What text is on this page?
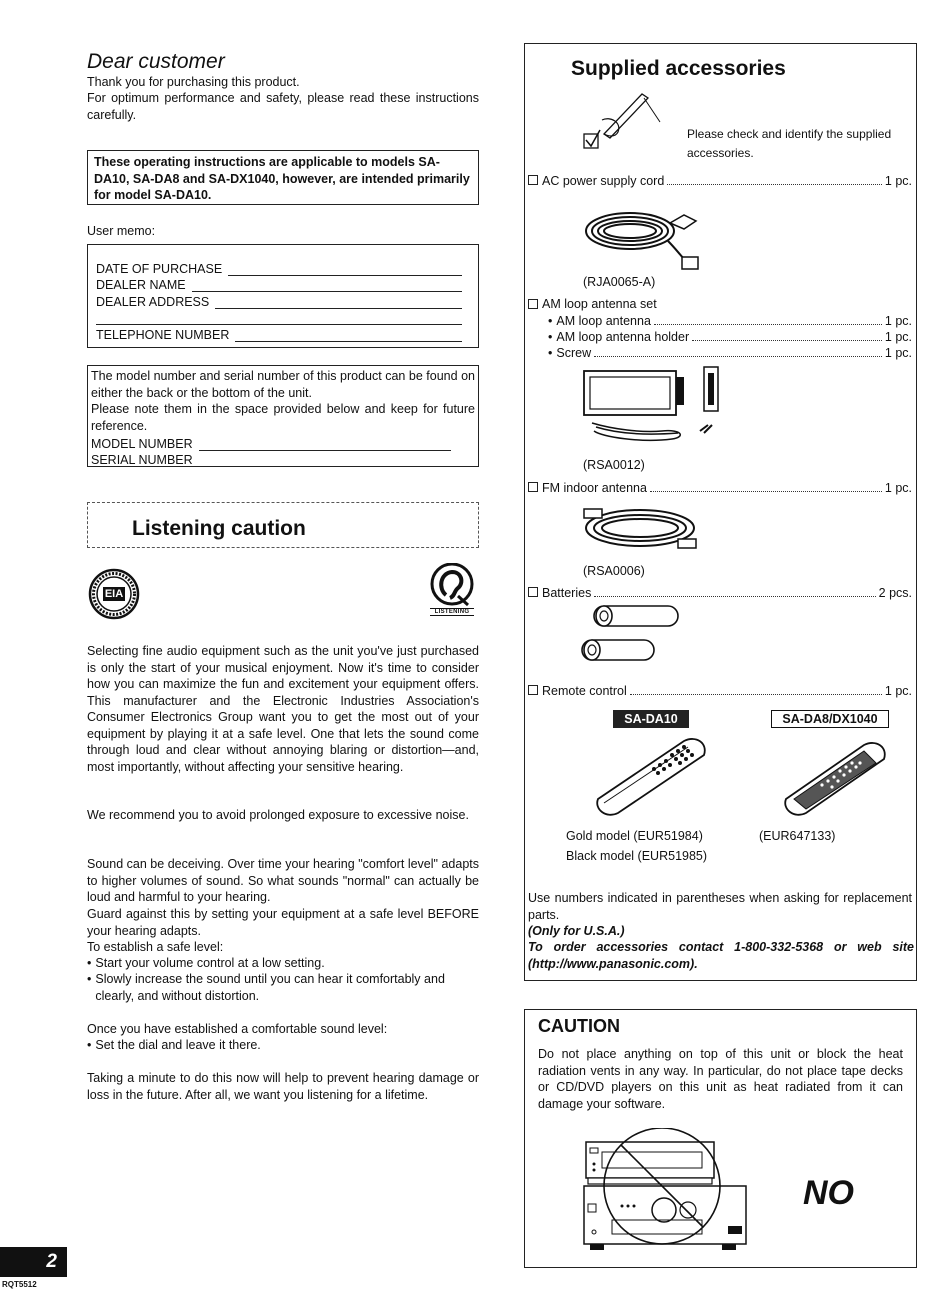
Dear customer
Thank you for purchasing this product.
For optimum performance and safety, please read these instructions carefully.
These operating instructions are applicable to models SA-DA10, SA-DA8 and SA-DX1040, however, are intended primarily for model SA-DA10.
User memo:
DATE OF PURCHASE
DEALER NAME
DEALER ADDRESS
TELEPHONE NUMBER
The model number and serial number of this product can be found on either the back or the bottom of the unit.
Please note them in the space provided below and keep for future reference.
MODEL NUMBER
SERIAL NUMBER
Listening caution
EIA
LISTENING
Selecting fine audio equipment such as the unit you've just purchased is only the start of your musical enjoyment. Now it's time to consider how you can maximize the fun and excitement your equipment offers. This manufacturer and the Electronic Industries Association's Consumer Electronics Group want you to get the most out of your equipment by playing it at a safe level. One that lets the sound come through loud and clear without annoying blaring or distortion—and, most importantly, without affecting your sensitive hearing.
We recommend you to avoid prolonged exposure to excessive noise.
Sound can be deceiving. Over time your hearing "comfort level" adapts to higher volumes of sound. So what sounds "normal" can actually be loud and harmful to your hearing.
Guard against this by setting your equipment at a safe level BEFORE your hearing adapts.
To establish a safe level:
• Start your volume control at a low setting.
• Slowly increase the sound until you can hear it comfortably and clearly, and without distortion.
Once you have established a comfortable sound level:
• Set the dial and leave it there.
Taking a minute to do this now will help to prevent hearing damage or loss in the future. After all, we want you listening for a lifetime.
2
RQT5512
Supplied accessories
Please check and identify the supplied accessories.
AC power supply cord	1 pc.
(RJA0065-A)
AM loop antenna set
•
AM loop antenna	1 pc.
•
AM loop antenna holder	1 pc.
•
Screw	1 pc.
(RSA0012)
FM indoor antenna	1 pc.
(RSA0006)
Batteries	2 pcs.
Remote control	1 pc.
SA-DA10	SA-DA8/DX1040
Gold model (EUR51984)
Black model (EUR51985)
(EUR647133)
Use numbers indicated in parentheses when asking for replacement parts.
(Only for U.S.A.)
To order accessories contact 1-800-332-5368 or web site (http://www.panasonic.com).
CAUTION
Do not place anything on top of this unit or block the heat radiation vents in any way. In particular, do not place tape decks or CD/DVD players on this unit as heat radiated from it can damage your software.
NO
